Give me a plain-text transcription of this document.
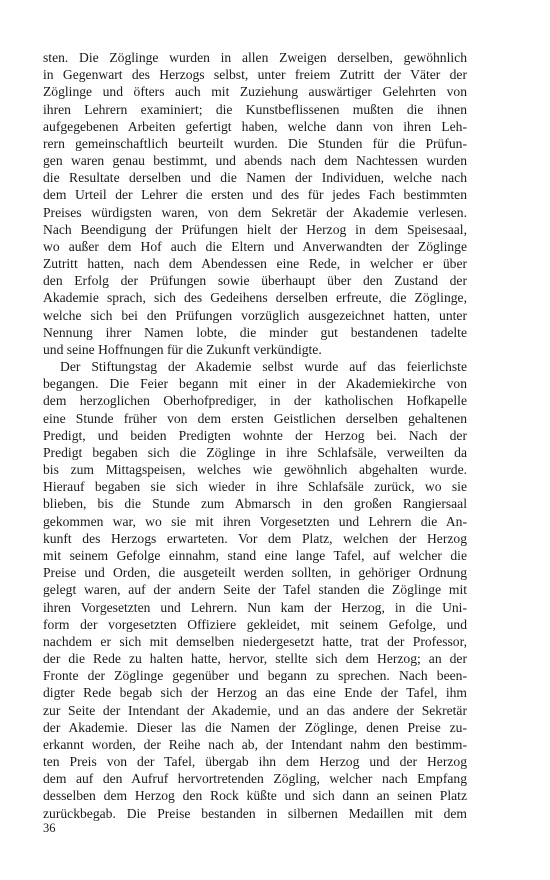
sten. Die Zöglinge wurden in allen Zweigen derselben, gewöhnlich
in Gegenwart des Herzogs selbst, unter freiem Zutritt der Väter der
Zöglinge und öfters auch mit Zuziehung auswärtiger Gelehrten von
ihren Lehrern examiniert; die Kunstbeflissenen mußten die ihnen
aufgegebenen Arbeiten gefertigt haben, welche dann von ihren Leh-
rern gemeinschaftlich beurteilt wurden. Die Stunden für die Prüfun-
gen waren genau bestimmt, und abends nach dem Nachtessen wurden
die Resultate derselben und die Namen der Individuen, welche nach
dem Urteil der Lehrer die ersten und des für jedes Fach bestimmten
Preises würdigsten waren, von dem Sekretär der Akademie verlesen.
Nach Beendigung der Prüfungen hielt der Herzog in dem Speisesaal,
wo außer dem Hof auch die Eltern und Anverwandten der Zöglinge
Zutritt hatten, nach dem Abendessen eine Rede, in welcher er über
den Erfolg der Prüfungen sowie überhaupt über den Zustand der
Akademie sprach, sich des Gedeihens derselben erfreute, die Zöglinge,
welche sich bei den Prüfungen vorzüglich ausgezeichnet hatten, unter
Nennung ihrer Namen lobte, die minder gut bestandenen tadelte
und seine Hoffnungen für die Zukunft verkündigte.
Der Stiftungstag der Akademie selbst wurde auf das feierlichste
begangen. Die Feier begann mit einer in der Akademiekirche von
dem herzoglichen Oberhofprediger, in der katholischen Hofkapelle
eine Stunde früher von dem ersten Geistlichen derselben gehaltenen
Predigt, und beiden Predigten wohnte der Herzog bei. Nach der
Predigt begaben sich die Zöglinge in ihre Schlafsäle, verweilten da
bis zum Mittagspeisen, welches wie gewöhnlich abgehalten wurde.
Hierauf begaben sie sich wieder in ihre Schlafsäle zurück, wo sie
blieben, bis die Stunde zum Abmarsch in den großen Rangiersaal
gekommen war, wo sie mit ihren Vorgesetzten und Lehrern die An-
kunft des Herzogs erwarteten. Vor dem Platz, welchen der Herzog
mit seinem Gefolge einnahm, stand eine lange Tafel, auf welcher die
Preise und Orden, die ausgeteilt werden sollten, in gehöriger Ordnung
gelegt waren, auf der andern Seite der Tafel standen die Zöglinge mit
ihren Vorgesetzten und Lehrern. Nun kam der Herzog, in die Uni-
form der vorgesetzten Offiziere gekleidet, mit seinem Gefolge, und
nachdem er sich mit demselben niedergesetzt hatte, trat der Professor,
der die Rede zu halten hatte, hervor, stellte sich dem Herzog; an der
Fronte der Zöglinge gegenüber und begann zu sprechen. Nach been-
digter Rede begab sich der Herzog an das eine Ende der Tafel, ihm
zur Seite der Intendant der Akademie, und an das andere der Sekretär
der Akademie. Dieser las die Namen der Zöglinge, denen Preise zu-
erkannt worden, der Reihe nach ab, der Intendant nahm den bestimm-
ten Preis von der Tafel, übergab ihn dem Herzog und der Herzog
dem auf den Aufruf hervortretenden Zögling, welcher nach Empfang
desselben dem Herzog den Rock küßte und sich dann an seinen Platz
zurückbegab. Die Preise bestanden in silbernen Medaillen mit dem
36
